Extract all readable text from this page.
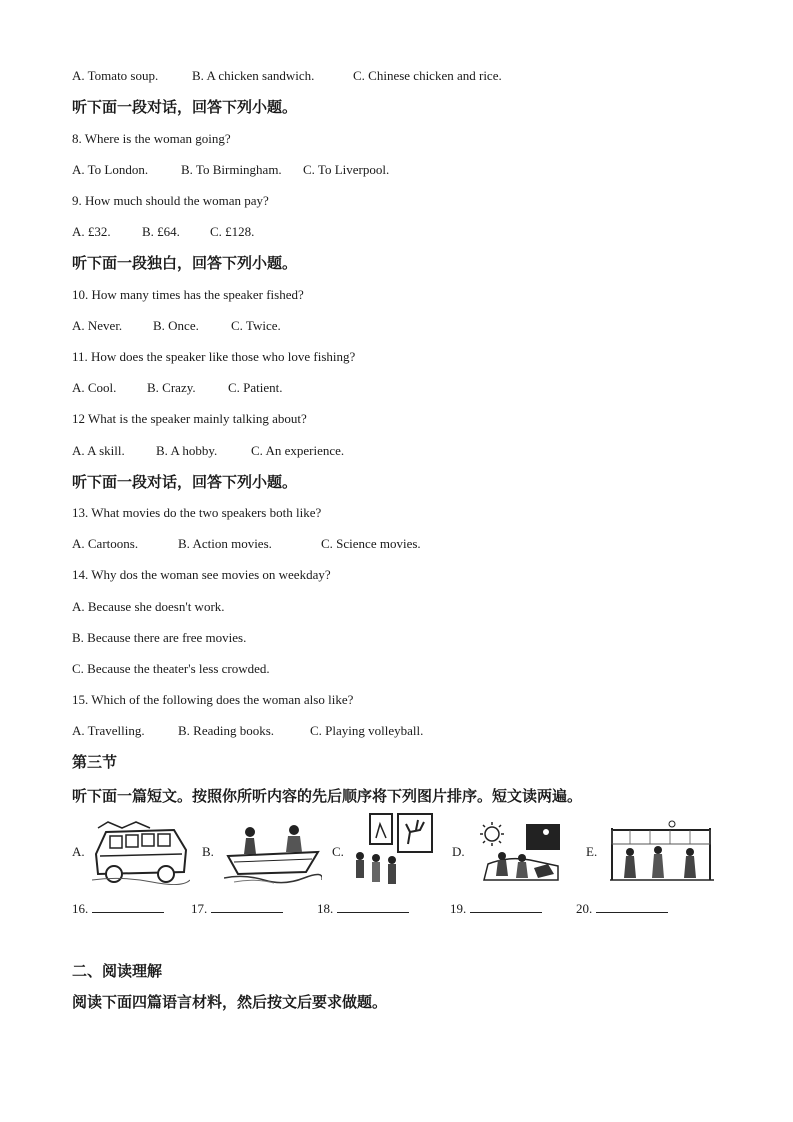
A. Tomato soup.	B. A chicken sandwich.	C. Chinese chicken and rice.
听下面一段对话，回答下列小题。
8. Where is the woman going?
A. To London.	B. To Birmingham. C. To Liverpool.
9. How much should the woman pay?
A. £32. B. £64. C. £128.
听下面一段独白，回答下列小题。
10. How many times has the speaker fished?
A. Never. B. Once. C. Twice.
11. How does the speaker like those who love fishing?
A. Cool. B. Crazy. C. Patient.
12 What is the speaker mainly talking about?
A. A skill. B. A hobby.	C. An experience.
听下面一段对话，回答下列小题。
13. What movies do the two speakers both like?
A. Cartoons.	B. Action movies.	C. Science movies.
14. Why dos the woman see movies on weekday?
A. Because she doesn't work.
B. Because there are free movies.
C. Because the theater's less crowded.
15. Which of the following does the woman also like?
A. Travelling.	B. Reading books.	C. Playing volleyball.
第三节
听下面一篇短文。按照你所听内容的先后顺序将下列图片排序。短文读两遍。
A.	B.	C.	D.	E.
16.	17.	18.	19.	20.
二、阅读理解
阅读下面四篇语言材料，然后按文后要求做题。
